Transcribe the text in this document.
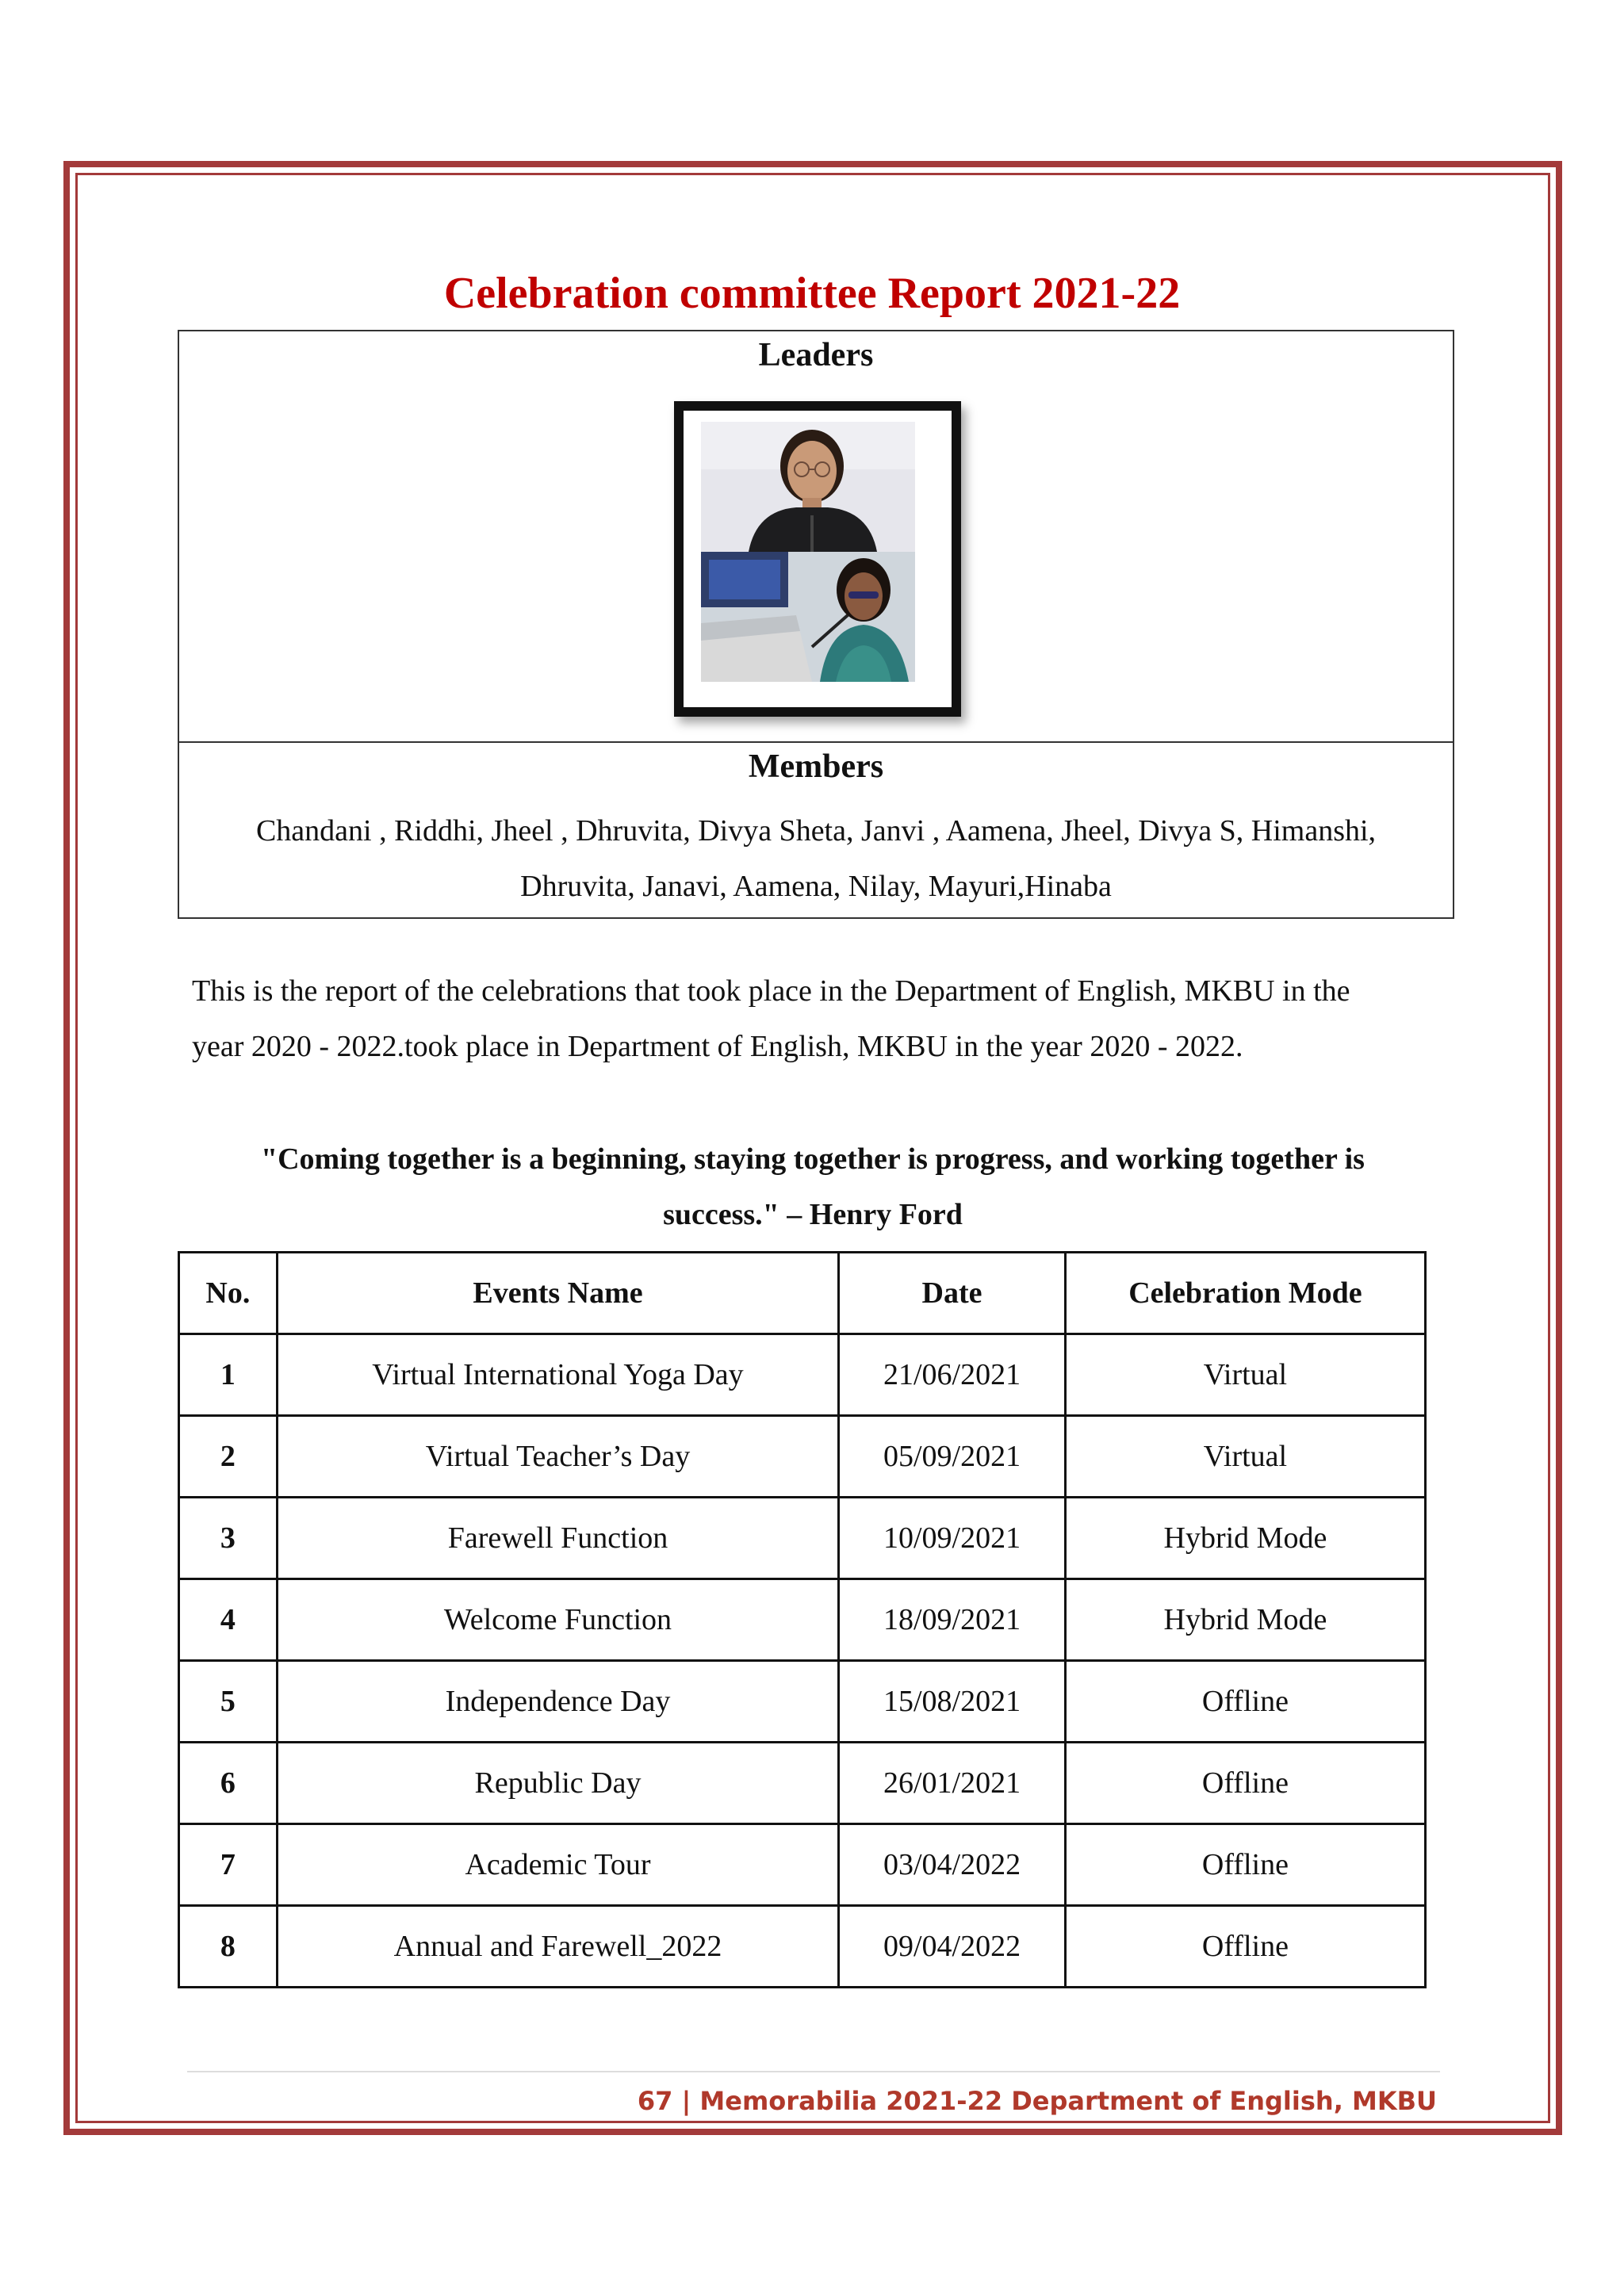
Celebration committee Report 2021-22
Leaders
Members
Chandani , Riddhi, Jheel , Dhruvita, Divya Sheta, Janvi , Aamena, Jheel, Divya S, Himanshi,
Dhruvita, Janavi, Aamena, Nilay, Mayuri,Hinaba
This is the report of the celebrations that took place in the Department of English, MKBU in the
year 2020 - 2022.took place in Department of English, MKBU in the year 2020 - 2022.
"Coming together is a beginning, staying together is progress, and working together is
success." – Henry Ford
No.	Events Name	Date	Celebration Mode
1	Virtual International Yoga Day	21/06/2021	Virtual
2	Virtual Teacher’s Day	05/09/2021	Virtual
3	Farewell Function	10/09/2021	Hybrid Mode
4	Welcome Function	18/09/2021	Hybrid Mode
5	Independence Day	15/08/2021	Offline
6	Republic Day	26/01/2021	Offline
7	Academic Tour	03/04/2022	Offline
8	Annual and Farewell_2022	09/04/2022	Offline
67 | Memorabilia 2021-22 Department of English, MKBU
